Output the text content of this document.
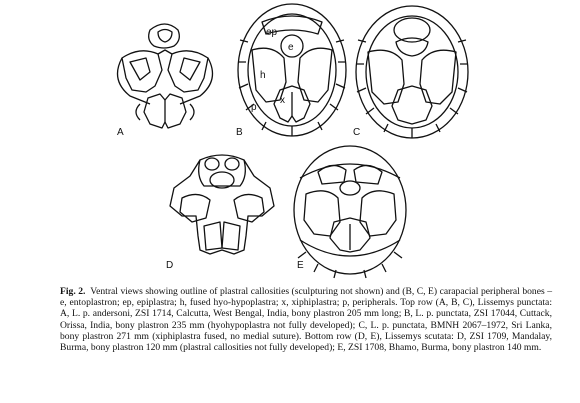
A	B	C
D	E
ep
e
h
x
p

Fig. 2. Ventral views showing outline of plastral callosities (sculpturing not shown) and (B, C, E) carapacial peripheral bones – e, entoplastron; ep, epiplastra; h, fused hyo-hypoplastra; x, xiphiplastra; p, peripherals. Top row (A, B, C), Lissemys punctata: A, L. p. andersoni, ZSI 1714, Calcutta, West Bengal, India, bony plastron 205 mm long; B, L. p. punctata, ZSI 17044, Cuttack, Orissa, India, bony plastron 235 mm (hyohypoplastra not fully developed); C, L. p. punctata, BMNH 2067–1972, Sri Lanka, bony plastron 271 mm (xiphiplastra fused, no medial suture). Bottom row (D, E), Lissemys scutata: D, ZSI 1709, Mandalay, Burma, bony plastron 120 mm (plastral callosities not fully developed); E, ZSI 1708, Bhamo, Burma, bony plastron 140 mm.
